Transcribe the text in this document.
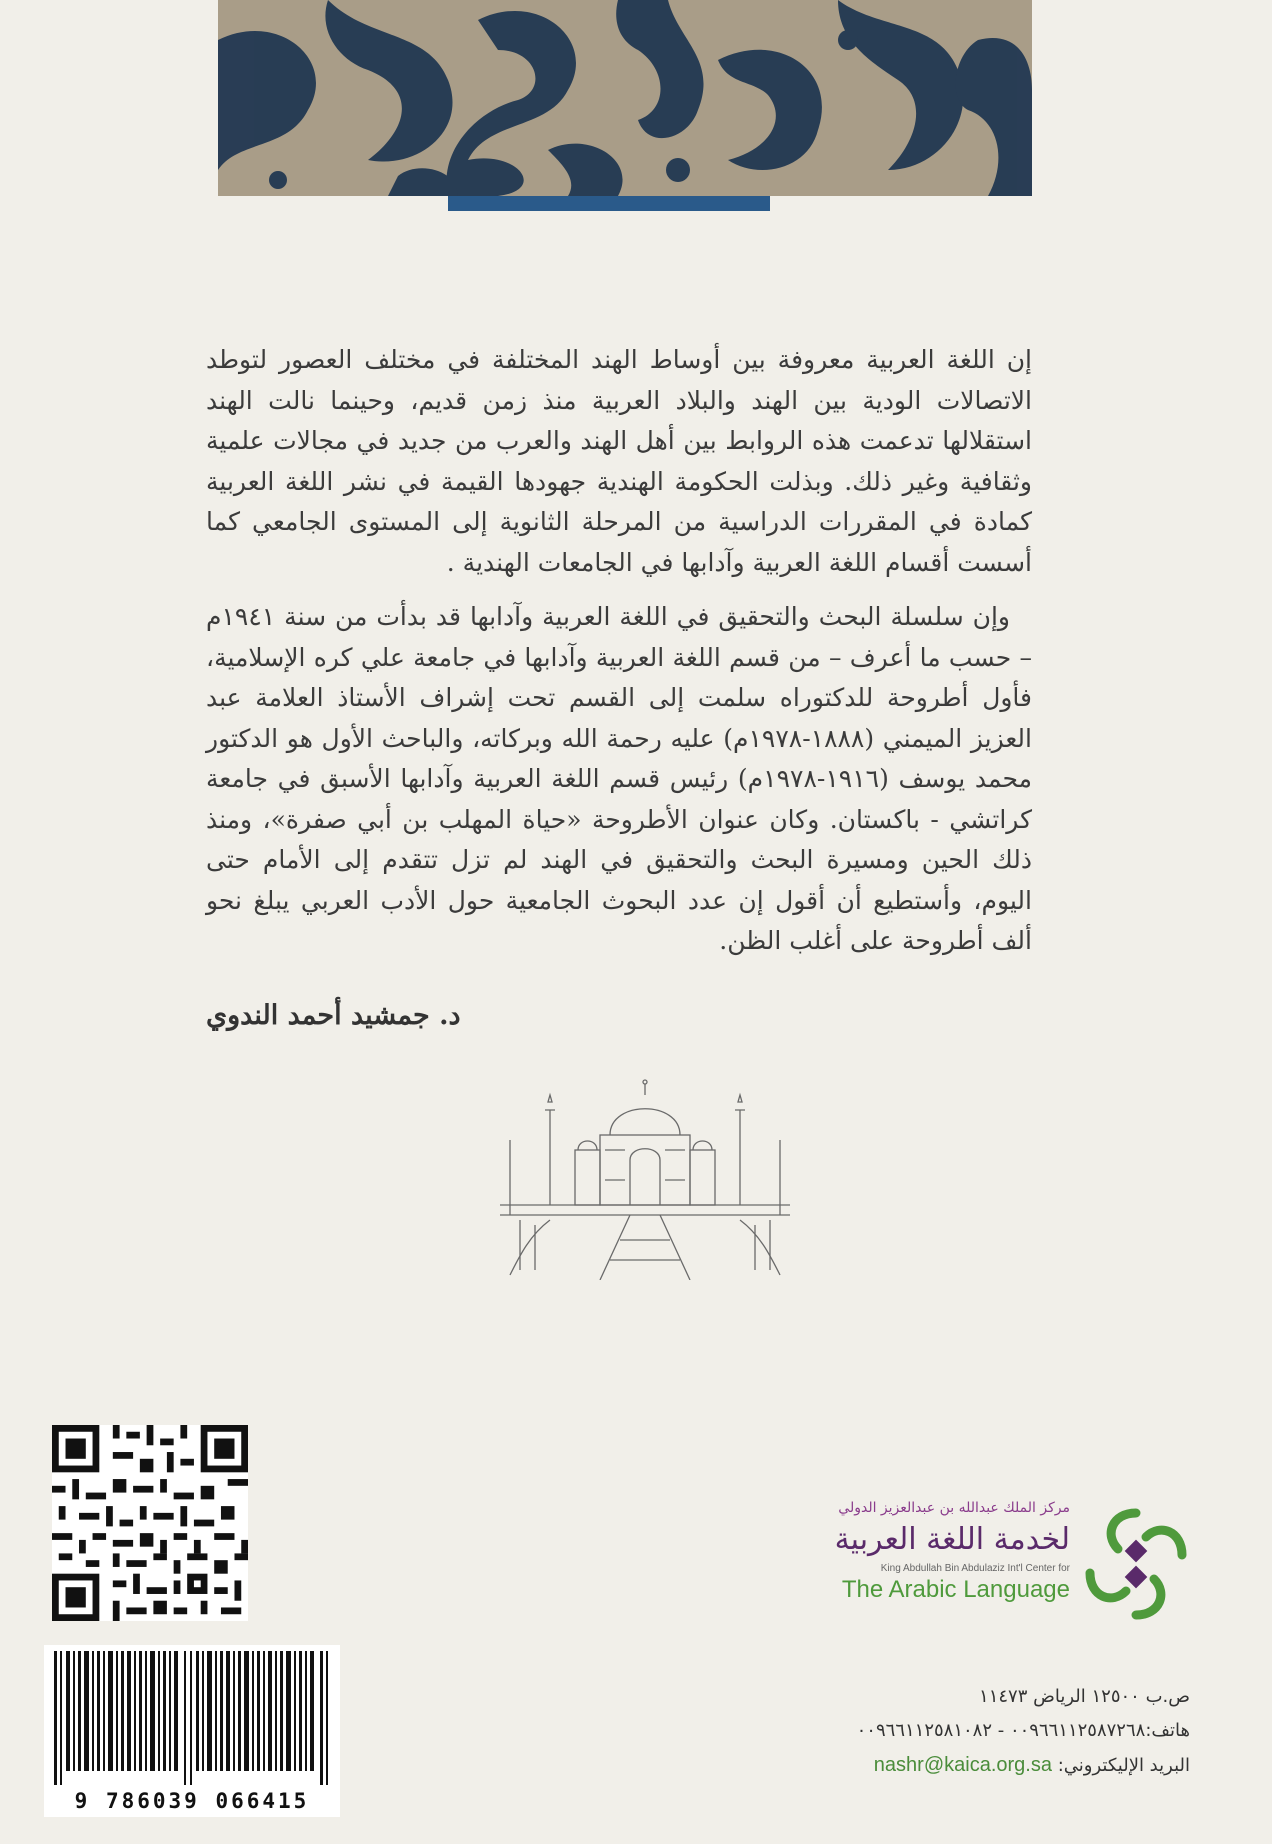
إن اللغة العربية معروفة بين أوساط الهند المختلفة في مختلف العصور لتوطد الاتصالات الودية بين الهند والبلاد العربية منذ زمن قديم، وحينما نالت الهند استقلالها تدعمت هذه الروابط بين أهل الهند والعرب من جديد في مجالات علمية وثقافية وغير ذلك. وبذلت الحكومة الهندية جهودها القيمة في نشر اللغة العربية كمادة في المقررات الدراسية من المرحلة الثانوية إلى المستوى الجامعي كما أسست أقسام اللغة العربية وآدابها في الجامعات الهندية .

وإن سلسلة البحث والتحقيق في اللغة العربية وآدابها قد بدأت من سنة ١٩٤١م – حسب ما أعرف – من قسم اللغة العربية وآدابها في جامعة علي كره الإسلامية، فأول أطروحة للدكتوراه سلمت إلى القسم تحت إشراف الأستاذ العلامة عبد العزيز الميمني (١٨٨٨-١٩٧٨م) عليه رحمة الله وبركاته، والباحث الأول هو الدكتور محمد يوسف (١٩١٦-١٩٧٨م) رئيس قسم اللغة العربية وآدابها الأسبق في جامعة كراتشي - باكستان. وكان عنوان الأطروحة «حياة المهلب بن أبي صفرة»، ومنذ ذلك الحين ومسيرة البحث والتحقيق في الهند لم تزل تتقدم إلى الأمام حتى اليوم، وأستطيع أن أقول إن عدد البحوث الجامعية حول الأدب العربي يبلغ نحو ألف أطروحة على أغلب الظن.

د. جمشيد أحمد الندوي
9 786039 066415
مركز الملك عبدالله بن عبدالعزيز الدولي
لخدمة اللغة العربية
King Abdullah Bin Abdulaziz Int'l Center for
The Arabic Language
ص.ب ١٢٥٠٠ الرياض ١١٤٧٣
هاتف:٠٠٩٦٦١١٢٥٨٧٢٦٨ - ٠٠٩٦٦١١٢٥٨١٠٨٢
البريد الإليكتروني: nashr@kaica.org.sa
